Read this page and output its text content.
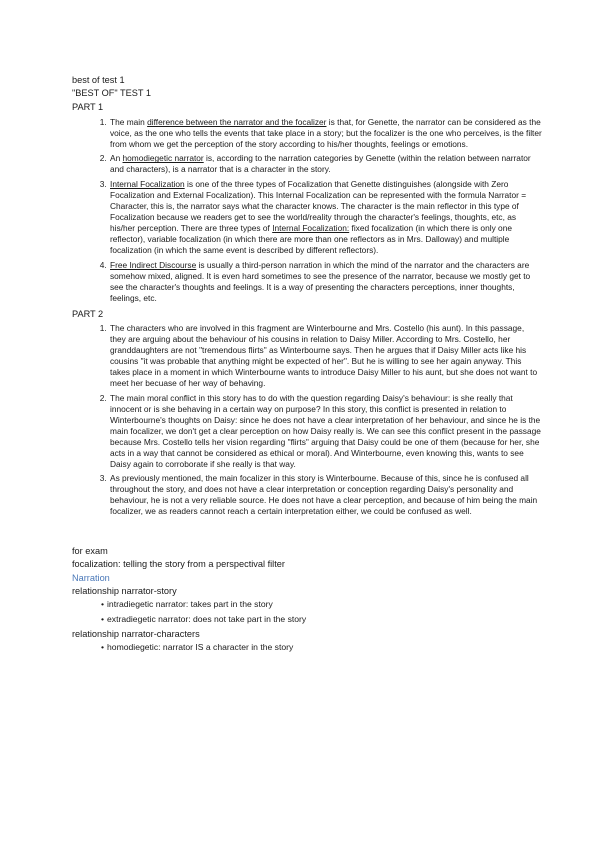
best of test 1

"BEST OF" TEST 1

PART 1

1. The main difference between the narrator and the focalizer is that, for Genette, the narrator can be considered as the voice, as the one who tells the events that take place in a story; but the focalizer is the one who perceives, is the filter from whom we get the perception of the story according to his/her thoughts, feelings or emotions.
2. An homodiegetic narrator is, according to the narration categories by Genette (within the relation between narrator and characters), is a narrator that is a character in the story.
3. Internal Focalization is one of the three types of Focalization that Genette distinguishes (alongside with Zero Focalization and External Focalization). This Internal Focalization can be represented with the formula Narrator = Character, this is, the narrator says what the character knows. The character is the main reflector in this type of Focalization because we readers get to see the world/reality through the character's feelings, thoughts, etc, as his/her perception. There are three types of Internal Focalization: fixed focalization (in which there is only one reflector), variable focalization (in which there are more than one reflectors as in Mrs. Dalloway) and multiple focalization (in which the same event is described by different reflectors).
4. Free Indirect Discourse is usually a third-person narration in which the mind of the narrator and the characters are somehow mixed, aligned. It is even hard sometimes to see the presence of the narrator, because we mostly get to see the character's thoughts and feelings. It is a way of presenting the characters perceptions, inner thoughts, feelings, etc.

PART 2

1. The characters who are involved in this fragment are Winterbourne and Mrs. Costello (his aunt). In this passage, they are arguing about the behaviour of his cousins in relation to Daisy Miller. According to Mrs. Costello, her granddaughters are not "tremendous flirts" as Winterbourne says. Then he argues that if Daisy Miller acts like his cousins "it was probable that anything might be expected of her". But he is willing to see her again anyway. This takes place in a moment in which Winterbourne wants to introduce Daisy Miller to his aunt, but she does not want to meet her becuase of her way of behaving.
2. The main moral conflict in this story has to do with the question regarding Daisy's behaviour: is she really that innocent or is she behaving in a certain way on purpose? In this story, this conflict is presented in relation to Winterbourne's thoughts on Daisy: since he does not have a clear interpretation of her behaviour, and since he is the main focalizer, we don't get a clear perception on how Daisy really is. We can see this conflict present in the passage because Mrs. Costello tells her vision regarding "flirts" arguing that Daisy could be one of them (because for her, she acts in a way that cannot be considered as ethical or moral). And Winterbourne, even knowing this, wants to see Daisy again to corroborate if she really is that way.
3. As previously mentioned, the main focalizer in this story is Winterbourne. Because of this, since he is confused all throughout the story, and does not have a clear interpretation or conception regarding Daisy's personality and behaviour, he is not a very reliable source. He does not have a clear perception, and because of him being the main focalizer, we as readers cannot reach a certain interpretation either, we could be confused as well.

for exam

focalization: telling the story from a perspectival filter

Narration

relationship narrator-story

• intradiegetic narrator: takes part in the story

• extradiegetic narrator: does not take part in the story

relationship narrator-characters

• homodiegetic: narrator IS a character in the story
